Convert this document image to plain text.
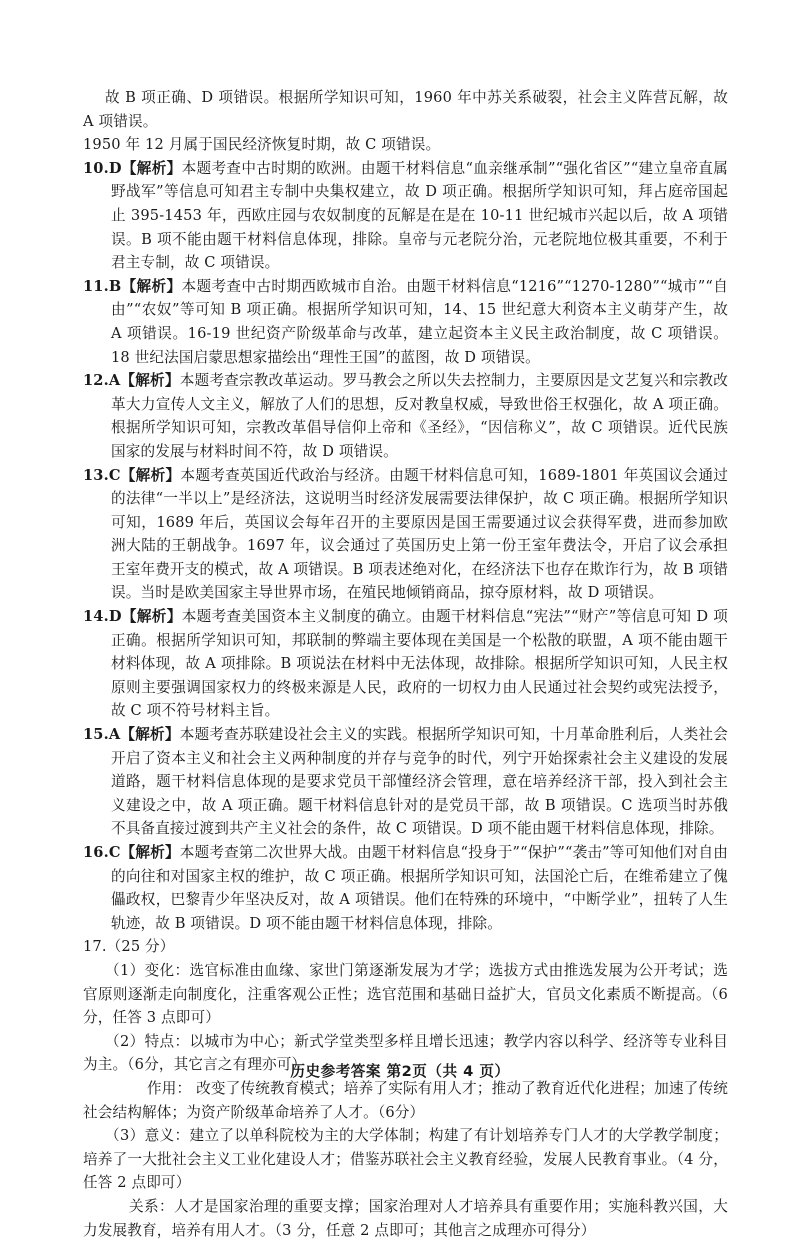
故 B 项正确、D 项错误。根据所学知识可知，1960 年中苏关系破裂，社会主义阵营瓦解，故 A 项错误。

1950 年 12 月属于国民经济恢复时期，故 C 项错误。

10.D【解析】本题考查中古时期的欧洲。由题干材料信息“血亲继承制”“强化省区”“建立皇帝直属野战军”等信息可知君主专制中央集权建立，故 D 项正确。根据所学知识可知，拜占庭帝国起止 395-1453 年，西欧庄园与农奴制度的瓦解是在是在 10-11 世纪城市兴起以后，故 A 项错误。B 项不能由题干材料信息体现，排除。皇帝与元老院分治，元老院地位极其重要，不利于君主专制，故 C 项错误。

11.B【解析】本题考查中古时期西欧城市自治。由题干材料信息“1216”“1270-1280”“城市”“自由”“农奴”等可知 B 项正确。根据所学知识可知，14、15 世纪意大利资本主义萌芽产生，故 A 项错误。16-19 世纪资产阶级革命与改革，建立起资本主义民主政治制度，故 C 项错误。18 世纪法国启蒙思想家描绘出“理性王国”的蓝图，故 D 项错误。

12.A【解析】本题考查宗教改革运动。罗马教会之所以失去控制力，主要原因是文艺复兴和宗教改革大力宣传人文主义，解放了人们的思想，反对教皇权威，导致世俗王权强化，故 A 项正确。根据所学知识可知，宗教改革倡导信仰上帝和《圣经》，“因信称义”，故 C 项错误。近代民族国家的发展与材料时间不符，故 D 项错误。

13.C【解析】本题考查英国近代政治与经济。由题干材料信息可知，1689-1801 年英国议会通过的法律“一半以上”是经济法，这说明当时经济发展需要法律保护，故 C 项正确。根据所学知识可知，1689 年后，英国议会每年召开的主要原因是国王需要通过议会获得军费，进而参加欧洲大陆的王朝战争。1697 年，议会通过了英国历史上第一份王室年费法令，开启了议会承担王室年费开支的模式，故 A 项错误。B 项表述绝对化，在经济法下也存在欺诈行为，故 B 项错误。当时是欧美国家主导世界市场，在殖民地倾销商品，掠夺原材料，故 D 项错误。

14.D【解析】本题考查美国资本主义制度的确立。由题干材料信息“宪法”“财产”等信息可知 D 项正确。根据所学知识可知，邦联制的弊端主要体现在美国是一个松散的联盟，A 项不能由题干材料体现，故 A 项排除。B 项说法在材料中无法体现，故排除。根据所学知识可知，人民主权原则主要强调国家权力的终极来源是人民，政府的一切权力由人民通过社会契约或宪法授予，故 C 项不符号材料主旨。

15.A【解析】本题考查苏联建设社会主义的实践。根据所学知识可知，十月革命胜利后，人类社会开启了资本主义和社会主义两种制度的并存与竞争的时代，列宁开始探索社会主义建设的发展道路，题干材料信息体现的是要求党员干部懂经济会管理，意在培养经济干部，投入到社会主义建设之中，故 A 项正确。题干材料信息针对的是党员干部，故 B 项错误。C 选项当时苏俄不具备直接过渡到共产主义社会的条件，故 C 项错误。D 项不能由题干材料信息体现，排除。

16.C【解析】本题考查第二次世界大战。由题干材料信息“投身于”“保护”“袭击”等可知他们对自由的向往和对国家主权的维护，故 C 项正确。根据所学知识可知，法国沦亡后，在维希建立了傀儡政权，巴黎青少年坚决反对，故 A 项错误。他们在特殊的环境中，“中断学业”，扭转了人生轨迹，故 B 项错误。D 项不能由题干材料信息体现，排除。

17.（25 分）

（1）变化：选官标准由血缘、家世门第逐渐发展为才学；选拔方式由推选发展为公开考试；选官原则逐渐走向制度化，注重客观公正性；选官范围和基础日益扩大，官员文化素质不断提高。（6 分，任答 3 点即可）

（2）特点：以城市为中心；新式学堂类型多样且增长迅速；教学内容以科学、经济等专业科目为主。（6分，其它言之有理亦可）

作用： 改变了传统教育模式；培养了实际有用人才；推动了教育近代化进程；加速了传统社会结构解体；为资产阶级革命培养了人才。（6分）

（3）意义：建立了以单科院校为主的大学体制；构建了有计划培养专门人才的大学教学制度；培养了一大批社会主义工业化建设人才；借鉴苏联社会主义教育经验，发展人民教育事业。（4 分，任答 2 点即可）

关系：人才是国家治理的重要支撑；国家治理对人才培养具有重要作用；实施科教兴国，大力发展教育，培养有用人才。（3 分，任意 2 点即可；其他言之成理亦可得分）

历史参考答案 第2页（共 4 页）
